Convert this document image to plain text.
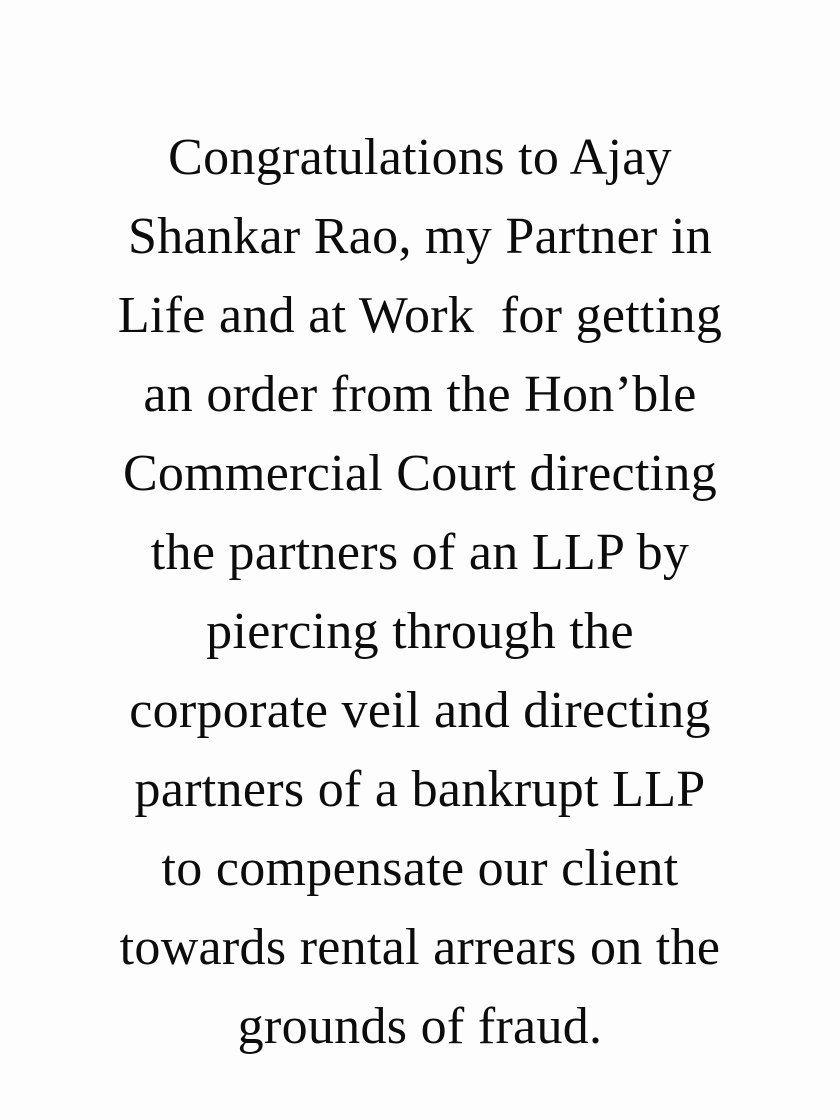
Congratulations to Ajay
Shankar Rao, my Partner in
Life and at Work  for getting
an order from the Hon’ble
Commercial Court directing
the partners of an LLP by
piercing through the
corporate veil and directing
partners of a bankrupt LLP
to compensate our client
towards rental arrears on the
grounds of fraud.
